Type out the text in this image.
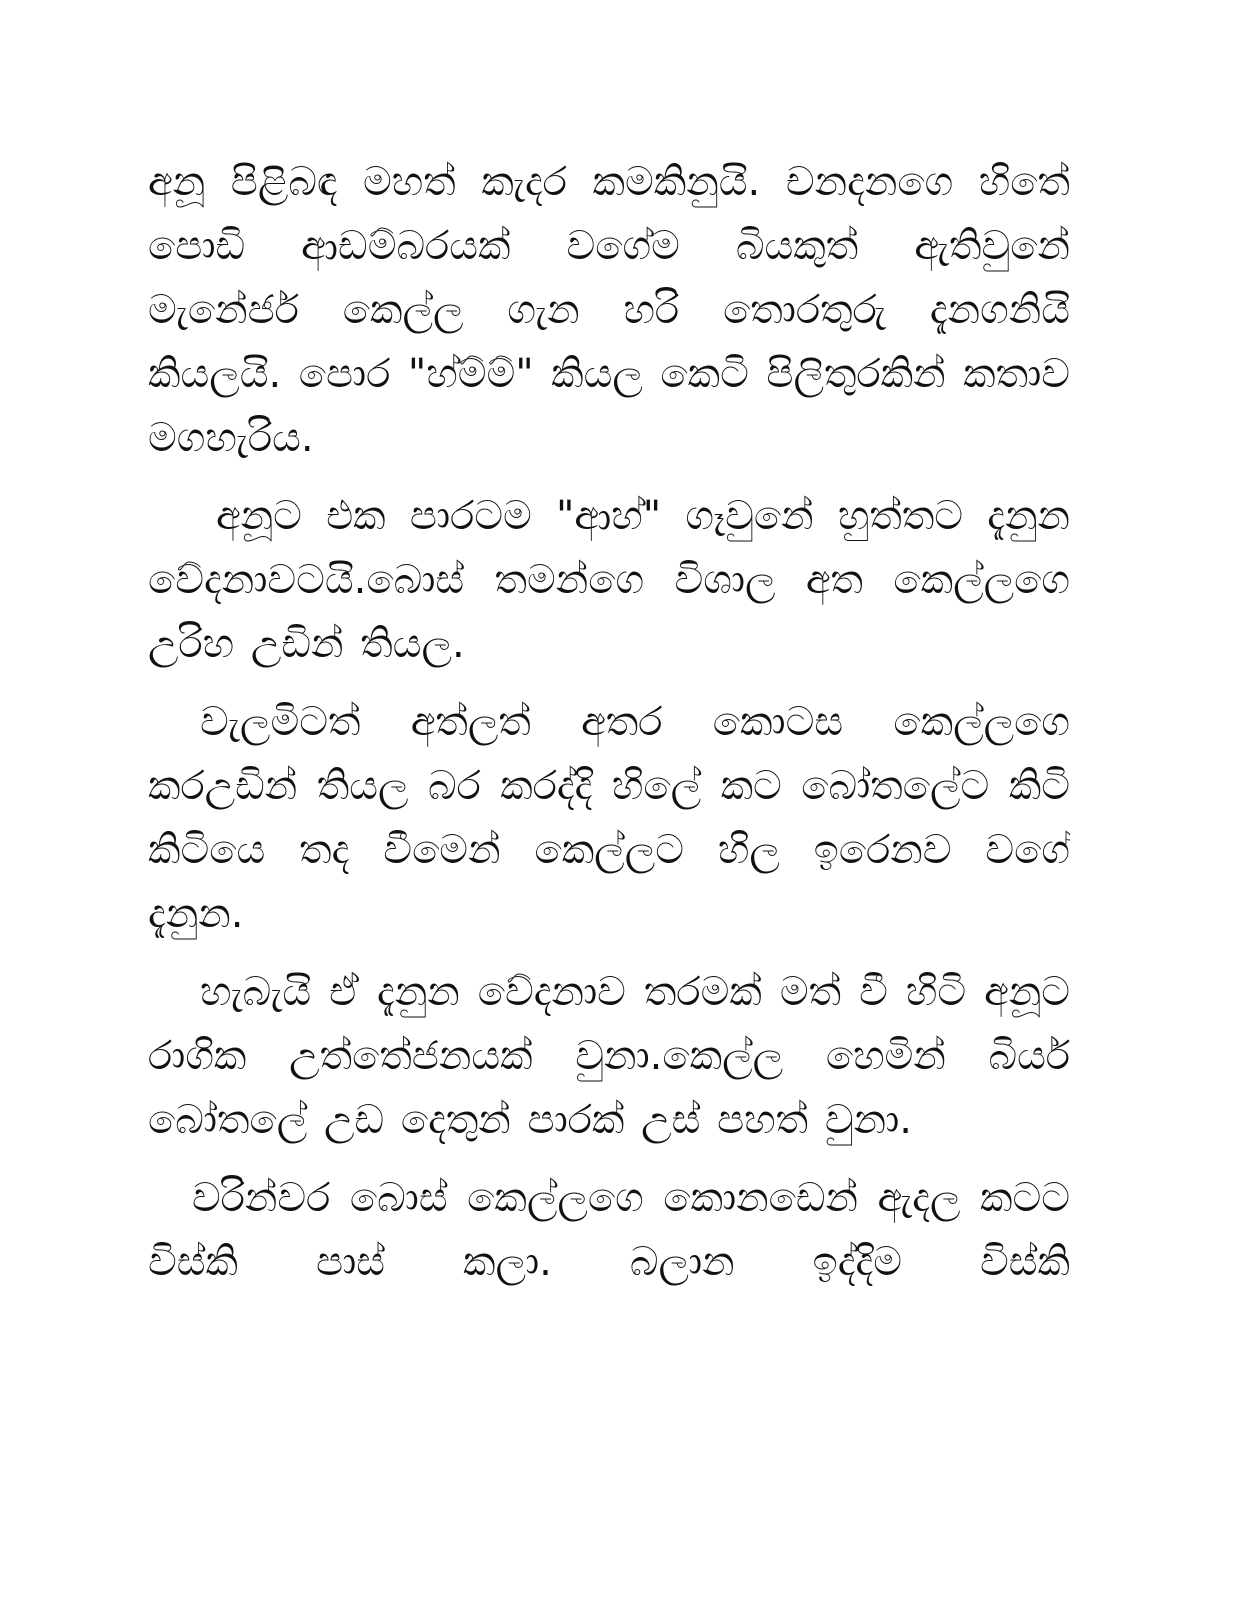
අනූ පිළිබඳ මහත් කැදර කමකිනුයි. චනදනගෙ හිතේ පොඩි ආඩම්බරයක් වගේම බියකුත් ඇතිවුනේ මැනේජර් කෙල්ල ගැන හරි තොරතුරු දැනගනියි කියලයි. පොර "හ්ම්ම්" කියල කෙටි පිලිතුරකින් කතාව මගහැරිය.

අනූට එක පාරටම "ආහ්" ගෑවුනේ හුත්තට දැනුන වේදනාවටයි.බොස් තමන්ගෙ විශාල අත කෙල්ලගෙ උරිහ උඩින් තියල.

වැලමිටත් අත්ලත් අතර කොටස කෙල්ලගෙ කරඋඩින් තියල බර කරද්දි හිලේ කට බෝතලේට කිටි කිටියෙ තද වීමෙන් කෙල්ලට හිල ඉරෙනව වගේ දැනුන.

හැබැයි ඒ දැනුන වේදනාව තරමක් මත් වී හිටි අනූට රාගික උත්තේජනයක් වුනා.කෙල්ල හෙමින් බියර් බෝතලේ උඩ දෙතුන් පාරක් උස් පහත් වුනා.

වරින්වර බොස් කෙල්ලගෙ කොනඩෙන් ඇදල කටට විස්කි පාස් කලා. බලාන ඉද්දිම විස්කි
